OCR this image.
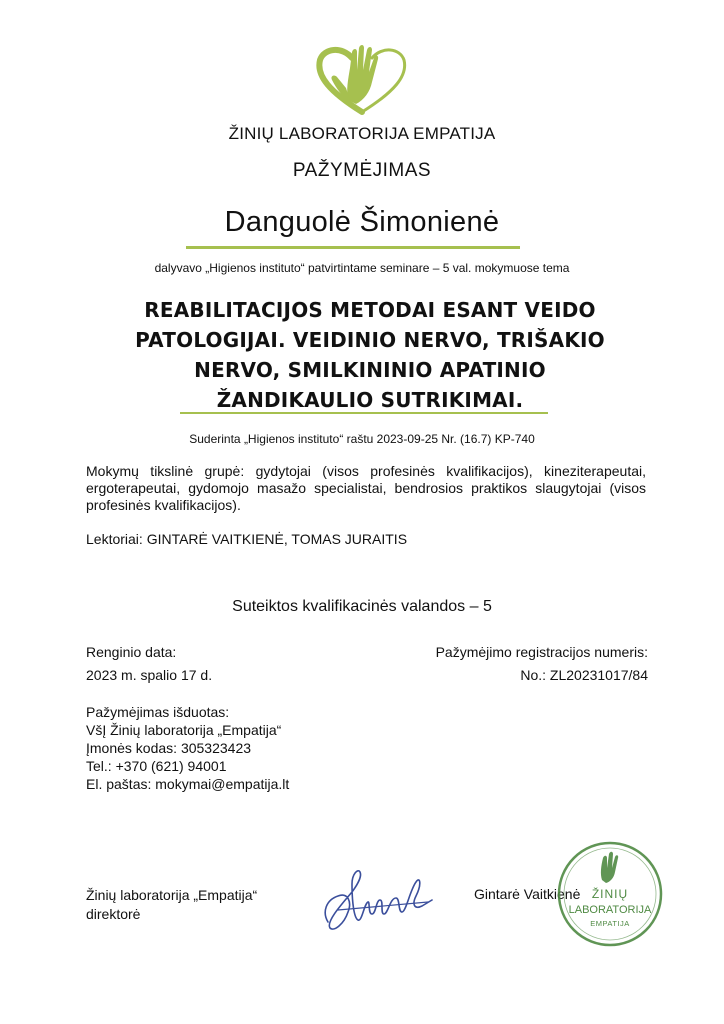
ŽINIŲ LABORATORIJA EMPATIJA
PAŽYMĖJIMAS
Danguolė Šimonienė
dalyvavo „Higienos instituto“ patvirtintame seminare – 5 val. mokymuose tema
REABILITACIJOS METODAI ESANT VEIDO
PATOLOGIJAI. VEIDINIO NERVO, TRIŠAKIO
NERVO, SMILKININIO APATINIO
ŽANDIKAULIO SUTRIKIMAI.
Suderinta „Higienos instituto“ raštu 2023-09-25 Nr. (16.7) KP-740
Mokymų tikslinė grupė: gydytojai (visos profesinės kvalifikacijos), kineziterapeutai, ergoterapeutai, gydomojo masažo specialistai, bendrosios praktikos slaugytojai (visos profesinės kvalifikacijos).
Lektoriai: GINTARĖ VAITKIENĖ, TOMAS JURAITIS
Suteiktos kvalifikacinės valandos – 5
Renginio data:
2023 m. spalio 17 d.
Pažymėjimo registracijos numeris:
No.: ZL20231017/84
Pažymėjimas išduotas:
VšĮ Žinių laboratorija „Empatija“
Įmonės kodas: 305323423
Tel.: +370 (621) 94001
El. paštas: mokymai@empatija.lt
Žinių laboratorija „Empatija“
direktorė
Gintarė Vaitkienė ŽINIŲ
LABORATORIJA
EMPATIJA
